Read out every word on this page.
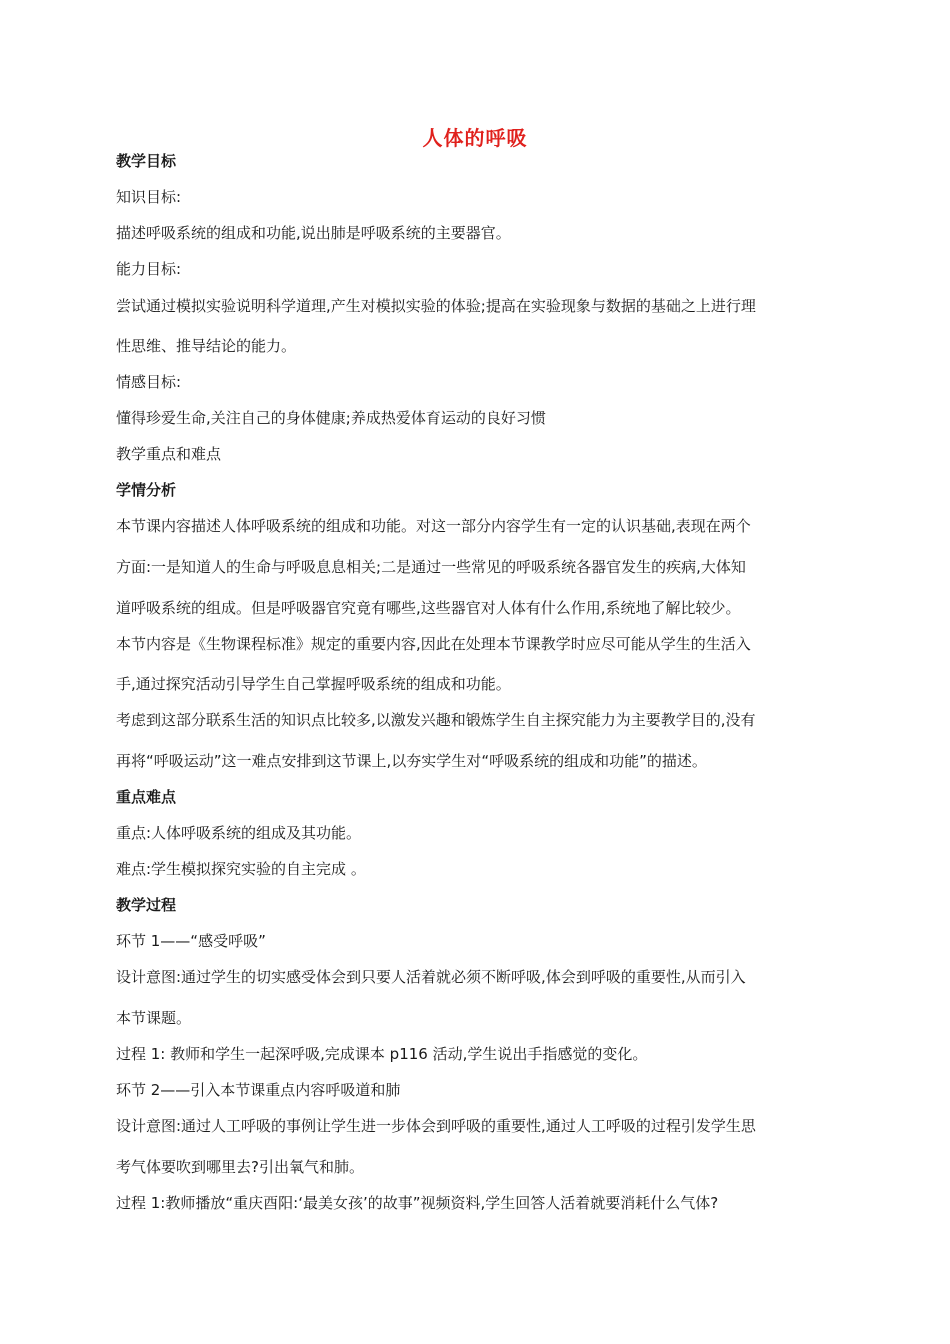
人体的呼吸
教学目标
知识目标:
描述呼吸系统的组成和功能,说出肺是呼吸系统的主要器官。
能力目标:
尝试通过模拟实验说明科学道理,产生对模拟实验的体验;提高在实验现象与数据的基础之上进行理
性思维、推导结论的能力。
情感目标:
懂得珍爱生命,关注自己的身体健康;养成热爱体育运动的良好习惯
教学重点和难点
学情分析
本节课内容描述人体呼吸系统的组成和功能。对这一部分内容学生有一定的认识基础,表现在两个
方面:一是知道人的生命与呼吸息息相关;二是通过一些常见的呼吸系统各器官发生的疾病,大体知
道呼吸系统的组成。但是呼吸器官究竟有哪些,这些器官对人体有什么作用,系统地了解比较少。
本节内容是《生物课程标准》规定的重要内容,因此在处理本节课教学时应尽可能从学生的生活入
手,通过探究活动引导学生自己掌握呼吸系统的组成和功能。
考虑到这部分联系生活的知识点比较多,以激发兴趣和锻炼学生自主探究能力为主要教学目的,没有
再将“呼吸运动”这一难点安排到这节课上,以夯实学生对“呼吸系统的组成和功能”的描述。
重点难点
重点:人体呼吸系统的组成及其功能。
难点:学生模拟探究实验的自主完成 。
教学过程
环节 1——“感受呼吸”
设计意图:通过学生的切实感受体会到只要人活着就必须不断呼吸,体会到呼吸的重要性,从而引入
本节课题。
过程 1: 教师和学生一起深呼吸,完成课本 p116 活动,学生说出手指感觉的变化。
环节 2——引入本节课重点内容呼吸道和肺
设计意图:通过人工呼吸的事例让学生进一步体会到呼吸的重要性,通过人工呼吸的过程引发学生思
考气体要吹到哪里去?引出氧气和肺。
过程 1:教师播放“重庆酉阳:‘最美女孩’的故事”视频资料,学生回答人活着就要消耗什么气体?
